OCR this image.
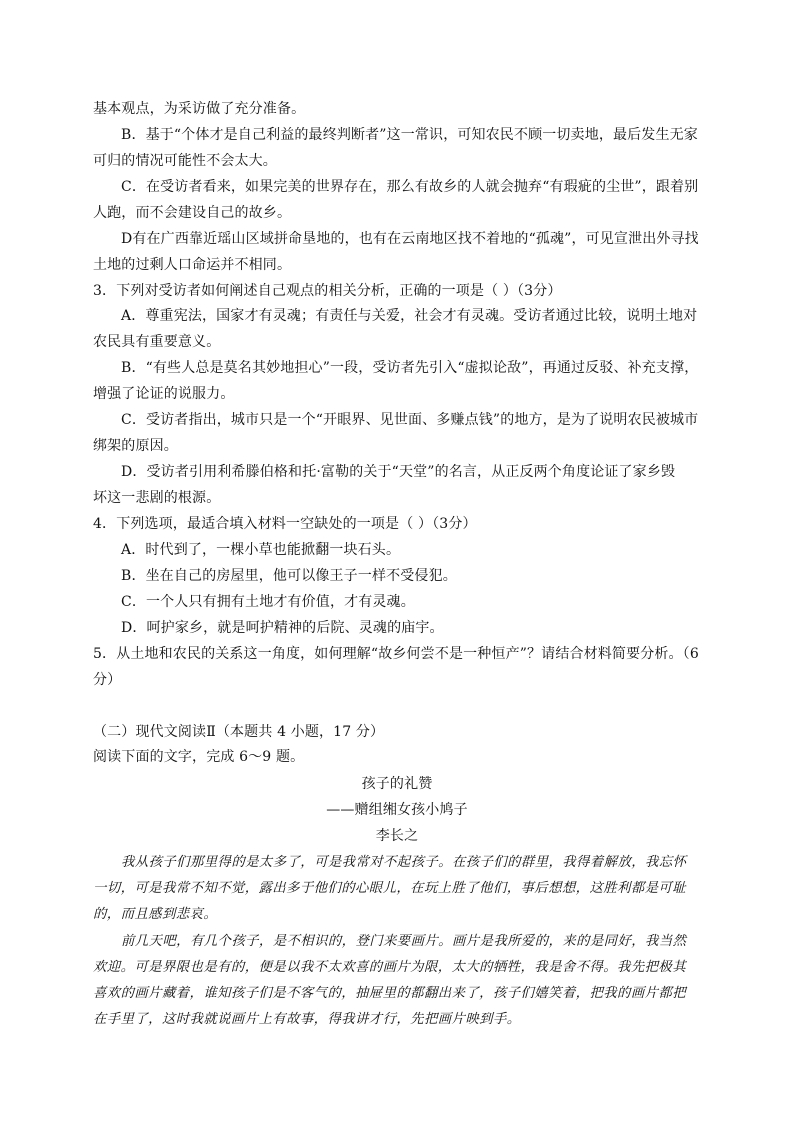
基本观点，为采访做了充分准备。
B．基于“个体才是自己利益的最终判断者”这一常识，可知农民不顾一切卖地，最后发生无家
可归的情况可能性不会太大。
C．在受访者看来，如果完美的世界存在，那么有故乡的人就会抛弃“有瑕疵的尘世”，跟着别
人跑，而不会建设自己的故乡。
D有在广西靠近瑶山区域拼命垦地的，也有在云南地区找不着地的“孤魂”，可见宣泄出外寻找
土地的过剩人口命运并不相同。
3．下列对受访者如何阐述自己观点的相关分析，正确的一项是（ ）（3分）
A．尊重宪法，国家才有灵魂；有责任与关爱，社会才有灵魂。受访者通过比较，说明土地对
农民具有重要意义。
B．“有些人总是莫名其妙地担心”一段，受访者先引入“虚拟论敌”，再通过反驳、补充支撑，
增强了论证的说服力。
C．受访者指出，城市只是一个“开眼界、见世面、多赚点钱”的地方，是为了说明农民被城市
绑架的原因。
D．受访者引用利希滕伯格和托·富勒的关于“天堂”的名言，从正反两个角度论证了家乡毁
坏这一悲剧的根源。
4．下列选项，最适合填入材料一空缺处的一项是（ ）（3分）
A．时代到了，一棵小草也能掀翻一块石头。
B．坐在自己的房屋里，他可以像王子一样不受侵犯。
C．一个人只有拥有土地才有价值，才有灵魂。
D．呵护家乡，就是呵护精神的后院、灵魂的庙宇。
5．从土地和农民的关系这一角度，如何理解“故乡何尝不是一种恒产”？请结合材料简要分析。（6
分）
（二）现代文阅读Ⅱ（本题共 4 小题，17 分）
阅读下面的文字，完成 6～9 题。
孩子的礼赞
——赠组缃女孩小鸠子
李长之
我从孩子们那里得的是太多了，可是我常对不起孩子。在孩子们的群里，我得着解放，我忘怀
一切，可是我常不知不觉，露出多于他们的心眼儿，在玩上胜了他们，事后想想，这胜利都是可耻
的，而且感到悲哀。
前几天吧，有几个孩子，是不相识的，登门来要画片。画片是我所爱的，来的是同好，我当然
欢迎。可是界限也是有的，便是以我不太欢喜的画片为限，太大的牺牲，我是舍不得。我先把极其
喜欢的画片藏着，谁知孩子们是不客气的，抽屉里的都翻出来了，孩子们嬉笑着，把我的画片都把
在手里了，这时我就说画片上有故事，得我讲才行，先把画片映到手。
